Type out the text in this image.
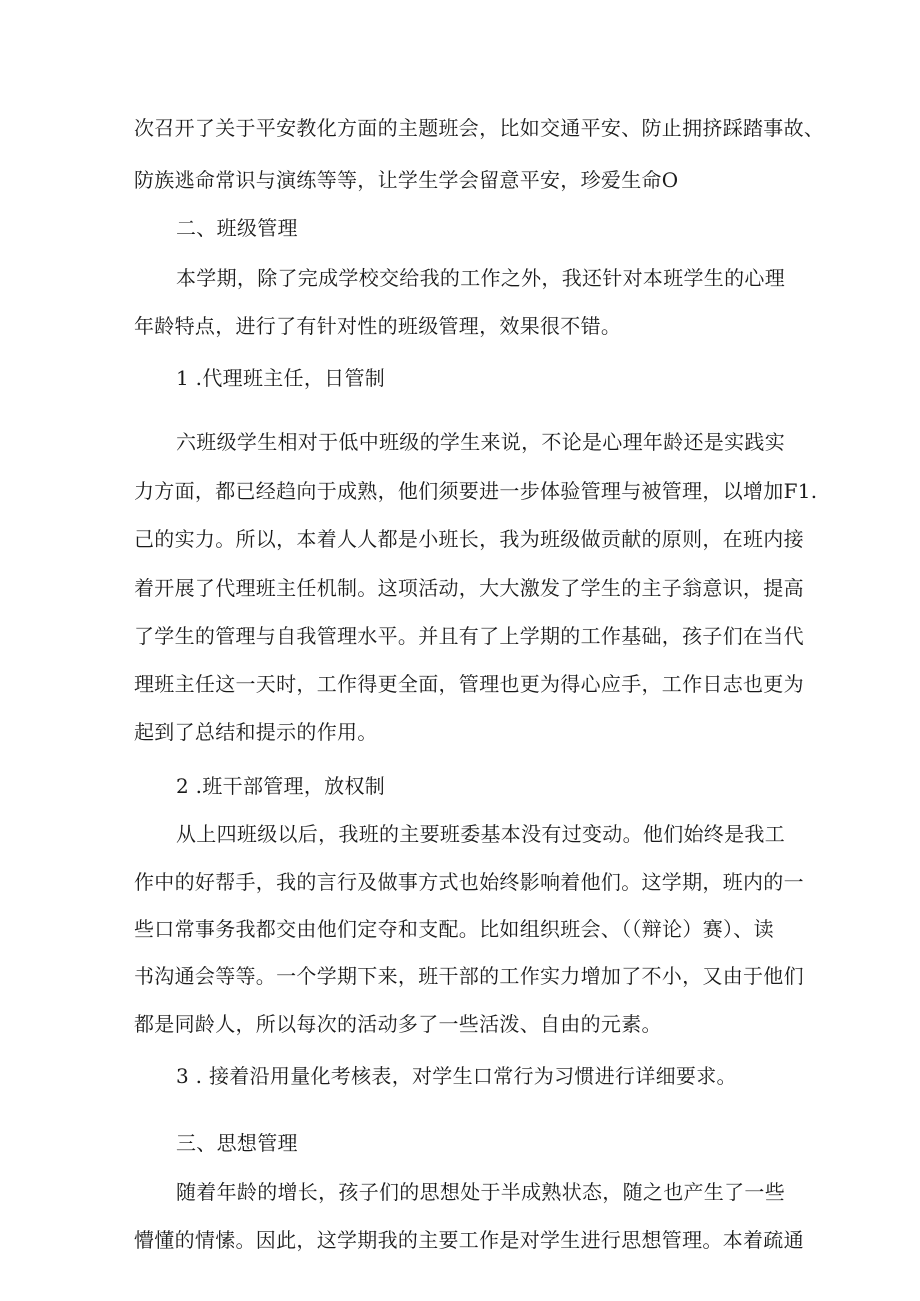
次召开了关于平安教化方面的主题班会，比如交通平安、防止拥挤踩踏事故、
防族逃命常识与演练等等，让学生学会留意平安，珍爱生命O
二、班级管理
本学期，除了完成学校交给我的工作之外，我还针对本班学生的心理
年龄特点，进行了有针对性的班级管理，效果很不错。
1 .代理班主任，日管制
六班级学生相对于低中班级的学生来说，不论是心理年龄还是实践实
力方面，都已经趋向于成熟，他们须要进一步体验管理与被管理，以增加F1.
己的实力。所以，本着人人都是小班长，我为班级做贡献的原则，在班内接
着开展了代理班主任机制。这项活动，大大激发了学生的主子翁意识，提高
了学生的管理与自我管理水平。并且有了上学期的工作基础，孩子们在当代
理班主任这一天时，工作得更全面，管理也更为得心应手，工作日志也更为
起到了总结和提示的作用。
2 .班干部管理，放权制
从上四班级以后，我班的主要班委基本没有过变动。他们始终是我工
作中的好帮手，我的言行及做事方式也始终影响着他们。这学期，班内的一
些口常事务我都交由他们定夺和支配。比如组织班会、（（辩论）赛）、读
书沟通会等等。一个学期下来，班干部的工作实力增加了不小，又由于他们
都是同龄人，所以每次的活动多了一些活泼、自由的元素。
3 . 接着沿用量化考核表，对学生口常行为习惯进行详细要求。
三、思想管理
随着年龄的增长，孩子们的思想处于半成熟状态，随之也产生了一些
懵懂的情愫。因此，这学期我的主要工作是对学生进行思想管理。本着疏通
